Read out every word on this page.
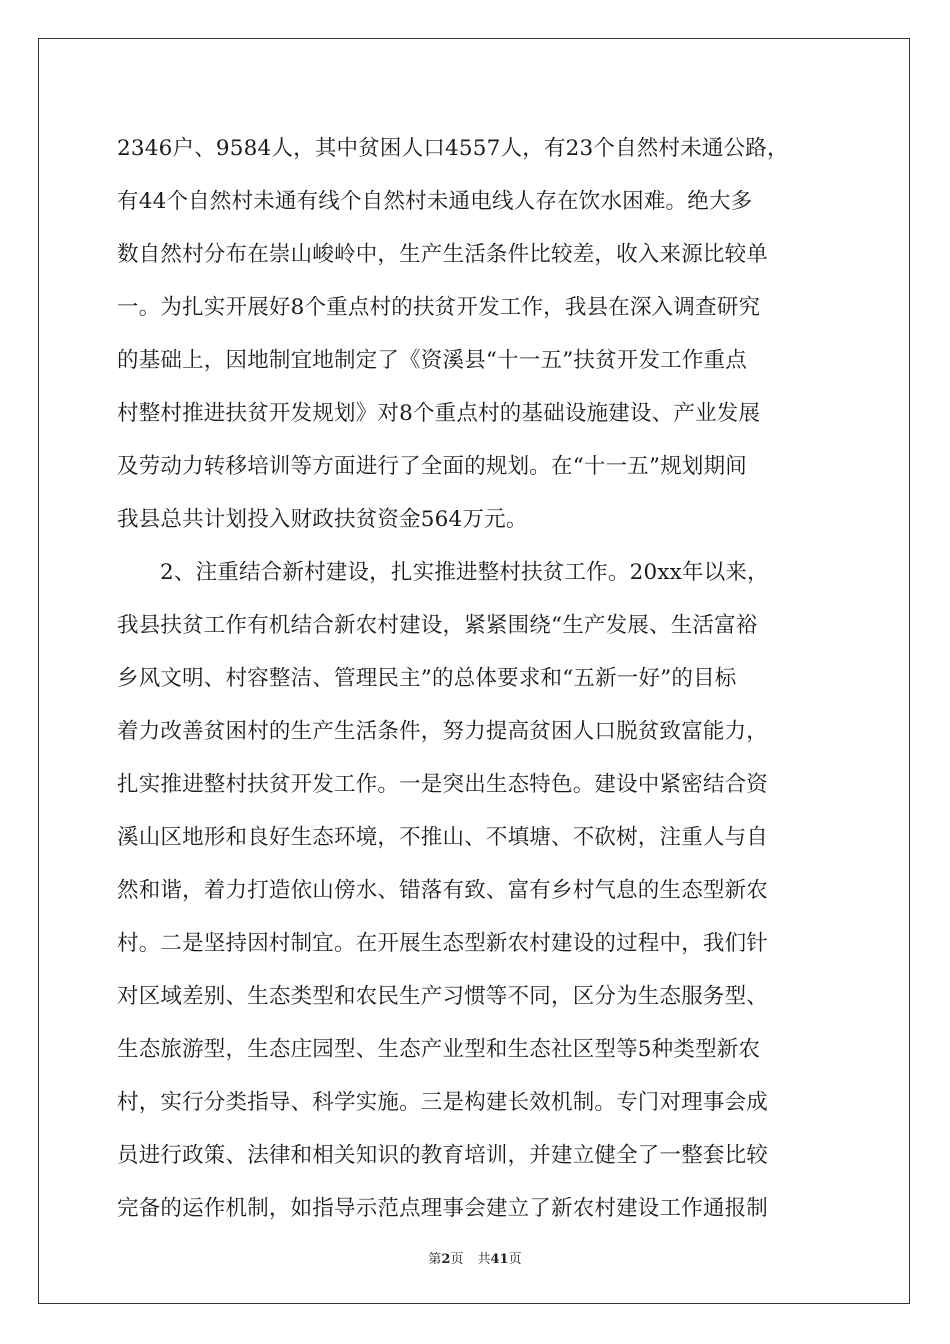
2346户、9584人，其中贫困人口4557人，有23个自然村未通公路，
有44个自然村未通有线个自然村未通电线人存在饮水困难。绝大多
数自然村分布在崇山峻岭中，生产生活条件比较差，收入来源比较单
一。为扎实开展好8个重点村的扶贫开发工作，我县在深入调查研究
的基础上，因地制宜地制定了《资溪县“十一五”扶贫开发工作重点
村整村推进扶贫开发规划》对8个重点村的基础设施建设、产业发展
及劳动力转移培训等方面进行了全面的规划。在“十一五”规划期间
我县总共计划投入财政扶贫资金564万元。
2、注重结合新村建设，扎实推进整村扶贫工作。20xx年以来，
我县扶贫工作有机结合新农村建设，紧紧围绕“生产发展、生活富裕
乡风文明、村容整洁、管理民主”的总体要求和“五新一好”的目标
着力改善贫困村的生产生活条件，努力提高贫困人口脱贫致富能力，
扎实推进整村扶贫开发工作。一是突出生态特色。建设中紧密结合资
溪山区地形和良好生态环境，不推山、不填塘、不砍树，注重人与自
然和谐，着力打造依山傍水、错落有致、富有乡村气息的生态型新农
村。二是坚持因村制宜。在开展生态型新农村建设的过程中，我们针
对区域差别、生态类型和农民生产习惯等不同，区分为生态服务型、
生态旅游型，生态庄园型、生态产业型和生态社区型等5种类型新农
村，实行分类指导、科学实施。三是构建长效机制。专门对理事会成
员进行政策、法律和相关知识的教育培训，并建立健全了一整套比较
完备的运作机制，如指导示范点理事会建立了新农村建设工作通报制
第2页 共41页
